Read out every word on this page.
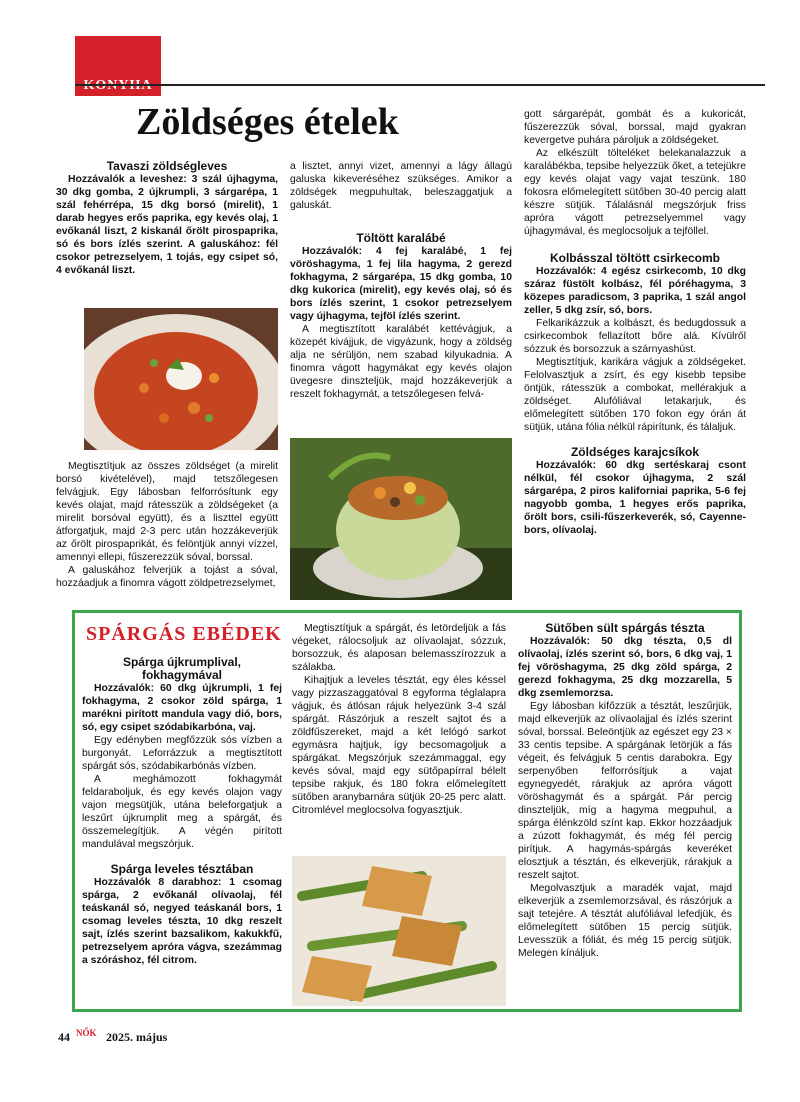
Zöldséges ételek

Tavaszi zöldségleves

Hozzávalók a leveshez: 3 szál újhagyma, 30 dkg gomba, 2 újkrumpli, 3 sárgarépa, 1 szál fehérrépa, 15 dkg borsó (mirelit), 1 darab hegyes erős paprika, egy kevés olaj, 1 evőkanál liszt, 2 kiskanál őrölt pirospaprika, só és bors ízlés szerint. A galuskához: fél csokor petrezselyem, 1 tojás, egy csipet só, 4 evőkanál liszt.

Megtisztítjuk az összes zöldséget (a mirelit borsó kivételével), majd tetszőlegesen felvágjuk. Egy lábosban felforrósítunk egy kevés olajat, majd rátesszük a zöldségeket (a mirelit borsóval együtt), és a liszttel együtt átforgatjuk, majd 2-3 perc után hozzákeverjük az őrölt pirospaprikát, és felöntjük annyi vízzel, amennyi ellepi, fűszerezzük sóval, borssal.

A galuskához felverjük a tojást a sóval, hozzáadjuk a finomra vágott zöldpetrezselymet,

a lisztet, annyi vizet, amennyi a lágy állagú galuska kikeveréséhez szükséges. Amikor a zöldségek megpuhultak, beleszaggatjuk a galuskát.

Töltött karalábé

Hozzávalók: 4 fej karalábé, 1 fej vöröshagyma, 1 fej lila hagyma, 2 gerezd fokhagyma, 2 sárgarépa, 15 dkg gomba, 10 dkg kukorica (mirelit), egy kevés olaj, só és bors ízlés szerint, 1 csokor petrezselyem vagy újhagyma, tejföl ízlés szerint.

A megtisztított karalábét kettévágjuk, a közepét kivájjuk, de vigyázunk, hogy a zöldség alja ne sérüljön, nem szabad kilyukadnia. A finomra vágott hagymákat egy kevés olajon üvegesre dinszteljük, majd hozzákeverjük a reszelt fokhagymát, a tetszőlegesen felvá-

gott sárgarépát, gombát és a kukoricát, fűszerezzük sóval, borssal, majd gyakran kevergetve puhára pároljuk a zöldségeket.

Az elkészült tölteléket belekanalazzuk a karalábékba, tepsibe helyezzük őket, a tetejükre egy kevés olajat vagy vajat teszünk. 180 fokosra előmelegített sütőben 30-40 percig alatt készre sütjük. Tálalásnál megszórjuk friss apróra vágott petrezselyemmel vagy újhagymával, és meglocsoljuk a tejföllel.

Kolbásszal töltött csirkecomb

Hozzávalók: 4 egész csirkecomb, 10 dkg száraz füstölt kolbász, fél póréhagyma, 3 közepes paradicsom, 3 paprika, 1 szál angol zeller, 5 dkg zsír, só, bors.

Felkarikázzuk a kolbászt, és bedugdossuk a csirkecombok fellazított bőre alá. Kívülről sózzuk és borsozzuk a szárnyashúst.

Megtisztítjuk, karikára vágjuk a zöldségeket. Felolvasztjuk a zsírt, és egy kisebb tepsibe öntjük, rátesszük a combokat, mellérakjuk a zöldséget. Alufóliával letakarjuk, és előmelegített sütőben 170 fokon egy órán át sütjük, utána fólia nélkül rápirítunk, és tálaljuk.

Zöldséges karajcsíkok

Hozzávalók: 60 dkg sertéskaraj csont nélkül, fél csokor újhagyma, 2 szál sárgarépa, 2 piros kaliforniai paprika, 5-6 fej nagyobb gomba, 1 hegyes erős paprika, őrölt bors, csili-fűszerkeverék, só, Cayenne-bors, olívaolaj.

SPÁRGÁS EBÉDEK

Spárga újkrumplival, fokhagymával

Hozzávalók: 60 dkg újkrumpli, 1 fej fokhagyma, 2 csokor zöld spárga, 1 marékni pirított mandula vagy dió, bors, só, egy csipet szódabikarbóna, vaj.

Egy edényben megfőzzük sós vízben a burgonyát. Leforrázzuk a megtisztított spárgát sós, szódabikarbónás vízben.

A meghámozott fokhagymát feldaraboljuk, és egy kevés olajon vagy vajon megsütjük, utána beleforgatjuk a leszűrt újkrumplit meg a spárgát, és összemelegítjük. A végén pirított mandulával megszórjuk.

Spárga leveles tésztában

Hozzávalók 8 darabhoz: 1 csomag spárga, 2 evőkanál olívaolaj, fél teáskanál só, negyed teáskanál bors, 1 csomag leveles tészta, 10 dkg reszelt sajt, ízlés szerint bazsalikom, kakukkfű, petrezselyem apróra vágva, szezámmag a szóráshoz, fél citrom.

Megtisztítjuk a spárgát, és letördeljük a fás végeket, rálocsoljuk az olívaolajat, sózzuk, borsozzuk, és alaposan belemasszírozzuk a szálakba.

Kihajtjuk a leveles tésztát, egy éles késsel vagy pizzaszaggatóval 8 egyforma téglalapra vágjuk, és átlósan rájuk helyezünk 3-4 szál spárgát. Rászórjuk a reszelt sajtot és a zöldfűszereket, majd a két lelógó sarkot egymásra hajtjuk, így becsomagoljuk a spárgákat. Megszórjuk szezámmaggal, egy kevés sóval, majd egy sütőpapírral bélelt tepsibe rakjuk, és 180 fokra előmelegített sütőben aranybarnára sütjük 20-25 perc alatt. Citromlével meglocsolva fogyasztjuk.

Sütőben sült spárgás tészta

Hozzávalók: 50 dkg tészta, 0,5 dl olívaolaj, ízlés szerint só, bors, 6 dkg vaj, 1 fej vöröshagyma, 25 dkg zöld spárga, 2 gerezd fokhagyma, 25 dkg mozzarella, 5 dkg zsemlemorzsa.

Egy lábosban kifőzzük a tésztát, leszűrjük, majd elkeverjük az olívaolajjal és ízlés szerint sóval, borssal. Beleöntjük az egészet egy 23 × 33 centis tepsibe. A spárgának letörjük a fás végeit, és felvágjuk 5 centis darabokra. Egy serpenyőben felforrósítjuk a vajat egynegyedét, rárakjuk az apróra vágott vöröshagymát és a spárgát. Pár percig dinszteljük, míg a hagyma megpuhul, a spárga élénkzöld színt kap. Ekkor hozzáadjuk a zúzott fokhagymát, és még fél percig pirítjuk. A hagymás-spárgás keveréket elosztjuk a tésztán, és elkeverjük, rárakjuk a reszelt sajtot.

Megolvasztjuk a maradék vajat, majd elkeverjük a zsemlemorzsával, és rászórjuk a sajt tetejére. A tésztát alufóliával lefedjük, és előmelegített sütőben 15 percig sütjük. Levesszük a fóliát, és még 15 percig sütjük. Melegen kínáljuk.

44 NŐK 2025. május
